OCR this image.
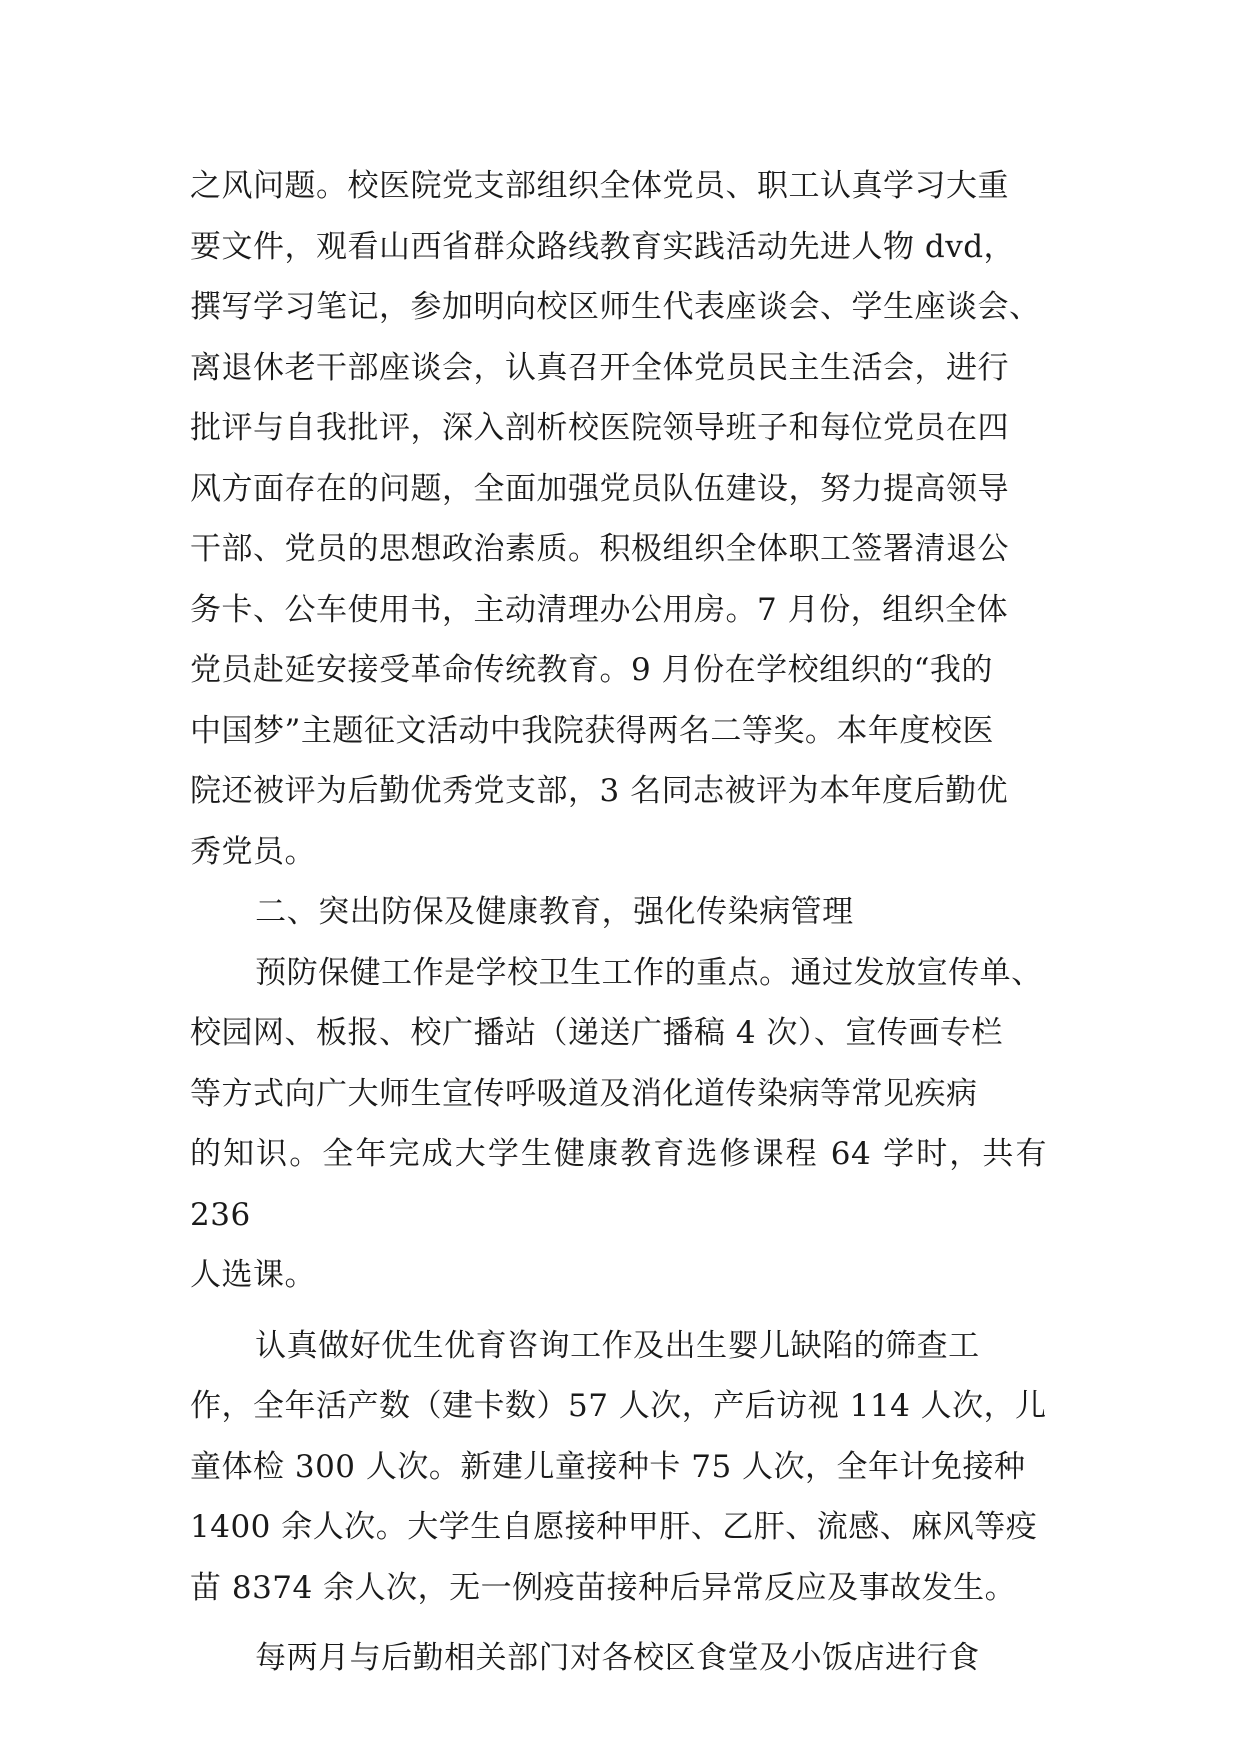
之风问题。校医院党支部组织全体党员、职工认真学习大重

要文件，观看山西省群众路线教育实践活动先进人物 dvd，

撰写学习笔记，参加明向校区师生代表座谈会、学生座谈会、

离退休老干部座谈会，认真召开全体党员民主生活会，进行

批评与自我批评，深入剖析校医院领导班子和每位党员在四

风方面存在的问题，全面加强党员队伍建设，努力提高领导

干部、党员的思想政治素质。积极组织全体职工签署清退公

务卡、公车使用书，主动清理办公用房。7 月份，组织全体

党员赴延安接受革命传统教育。9 月份在学校组织的“我的

中国梦”主题征文活动中我院获得两名二等奖。本年度校医

院还被评为后勤优秀党支部，3 名同志被评为本年度后勤优

秀党员。

二、突出防保及健康教育，强化传染病管理

预防保健工作是学校卫生工作的重点。通过发放宣传单、

校园网、板报、校广播站（递送广播稿 4 次）、宣传画专栏

等方式向广大师生宣传呼吸道及消化道传染病等常见疾病

的知识。全年完成大学生健康教育选修课程 64 学时，共有 236

人选课。

认真做好优生优育咨询工作及出生婴儿缺陷的筛查工

作，全年活产数（建卡数）57 人次，产后访视 114 人次，儿

童体检 300 人次。新建儿童接种卡 75 人次，全年计免接种

1400 余人次。大学生自愿接种甲肝、乙肝、流感、麻风等疫

苗 8374 余人次，无一例疫苗接种后异常反应及事故发生。

每两月与后勤相关部门对各校区食堂及小饭店进行食
